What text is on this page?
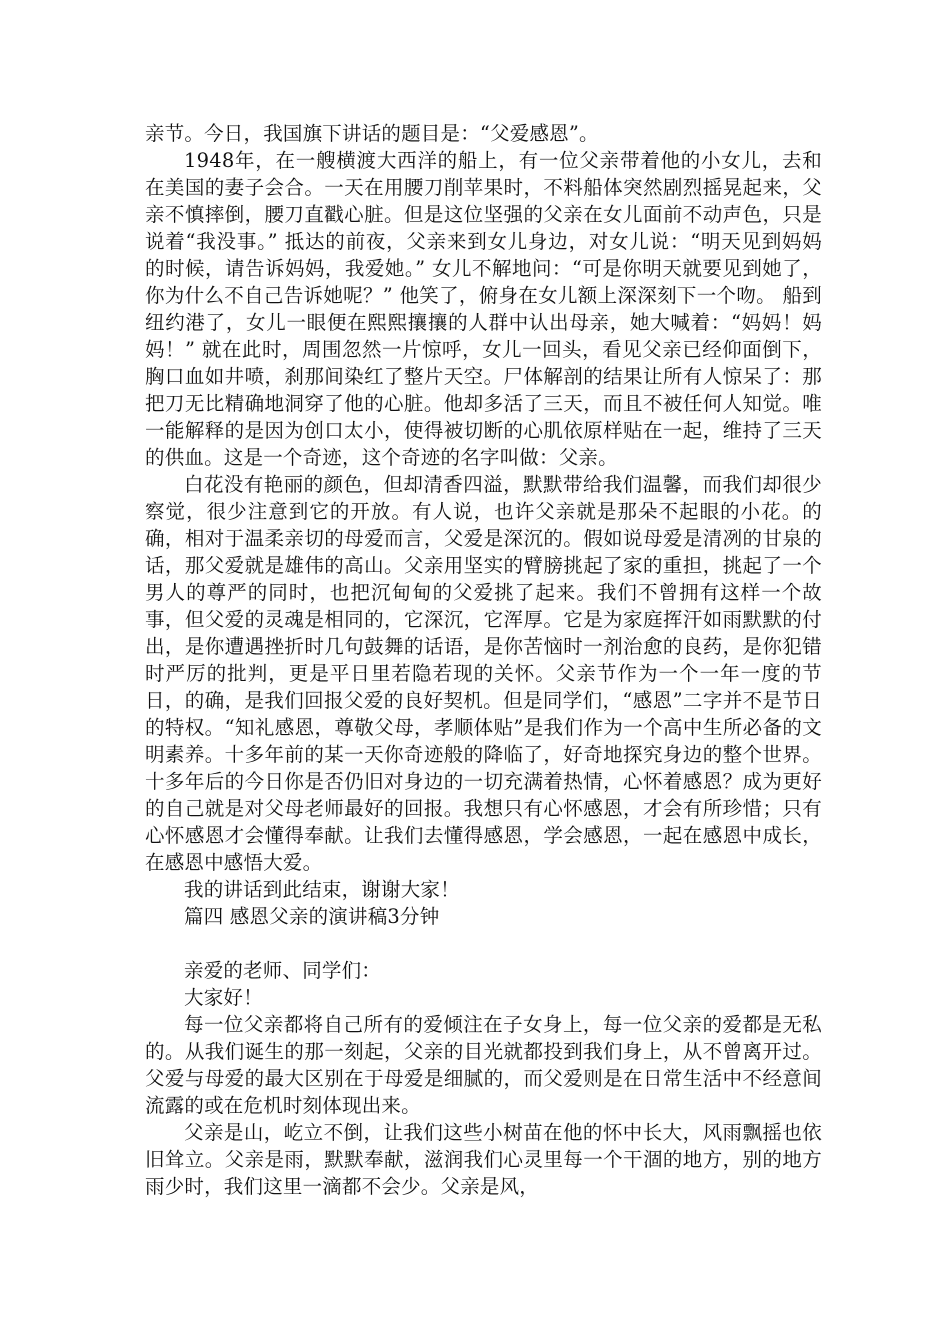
亲节。今日，我国旗下讲话的题目是：“父爱感恩”。

1948年，在一艘横渡大西洋的船上，有一位父亲带着他的小女儿，去和在美国的妻子会合。一天在用腰刀削苹果时，不料船体突然剧烈摇晃起来，父亲不慎摔倒，腰刀直戳心脏。但是这位坚强的父亲在女儿面前不动声色，只是说着“我没事。” 抵达的前夜，父亲来到女儿身边，对女儿说：“明天见到妈妈的时候，请告诉妈妈，我爱她。” 女儿不解地问：“可是你明天就要见到她了，你为什么不自己告诉她呢？” 他笑了，俯身在女儿额上深深刻下一个吻。 船到纽约港了，女儿一眼便在熙熙攘攘的人群中认出母亲，她大喊着：“妈妈！妈妈！” 就在此时，周围忽然一片惊呼，女儿一回头，看见父亲已经仰面倒下，胸口血如井喷，刹那间染红了整片天空。尸体解剖的结果让所有人惊呆了：那把刀无比精确地洞穿了他的心脏。他却多活了三天，而且不被任何人知觉。唯一能解释的是因为创口太小，使得被切断的心肌依原样贴在一起，维持了三天的供血。这是一个奇迹，这个奇迹的名字叫做：父亲。

白花没有艳丽的颜色，但却清香四溢，默默带给我们温馨，而我们却很少察觉，很少注意到它的开放。有人说，也许父亲就是那朵不起眼的小花。的确，相对于温柔亲切的母爱而言，父爱是深沉的。假如说母爱是清冽的甘泉的话，那父爱就是雄伟的高山。父亲用坚实的臂膀挑起了家的重担，挑起了一个男人的尊严的同时，也把沉甸甸的父爱挑了起来。我们不曾拥有这样一个故事，但父爱的灵魂是相同的，它深沉，它浑厚。它是为家庭挥汗如雨默默的付出，是你遭遇挫折时几句鼓舞的话语，是你苦恼时一剂治愈的良药，是你犯错时严厉的批判，更是平日里若隐若现的关怀。父亲节作为一个一年一度的节日，的确，是我们回报父爱的良好契机。但是同学们，“感恩”二字并不是节日的特权。“知礼感恩，尊敬父母，孝顺体贴”是我们作为一个高中生所必备的文明素养。十多年前的某一天你奇迹般的降临了，好奇地探究身边的整个世界。十多年后的今日你是否仍旧对身边的一切充满着热情，心怀着感恩？成为更好的自己就是对父母老师最好的回报。我想只有心怀感恩，才会有所珍惜；只有心怀感恩才会懂得奉献。让我们去懂得感恩，学会感恩，一起在感恩中成长，在感恩中感悟大爱。

我的讲话到此结束，谢谢大家！

篇四 感恩父亲的演讲稿3分钟

亲爱的老师、同学们：

大家好！

每一位父亲都将自己所有的爱倾注在子女身上，每一位父亲的爱都是无私的。从我们诞生的那一刻起，父亲的目光就都投到我们身上，从不曾离开过。父爱与母爱的最大区别在于母爱是细腻的，而父爱则是在日常生活中不经意间流露的或在危机时刻体现出来。

父亲是山，屹立不倒，让我们这些小树苗在他的怀中长大，风雨飘摇也依旧耸立。父亲是雨，默默奉献，滋润我们心灵里每一个干涸的地方，别的地方雨少时，我们这里一滴都不会少。父亲是风，
